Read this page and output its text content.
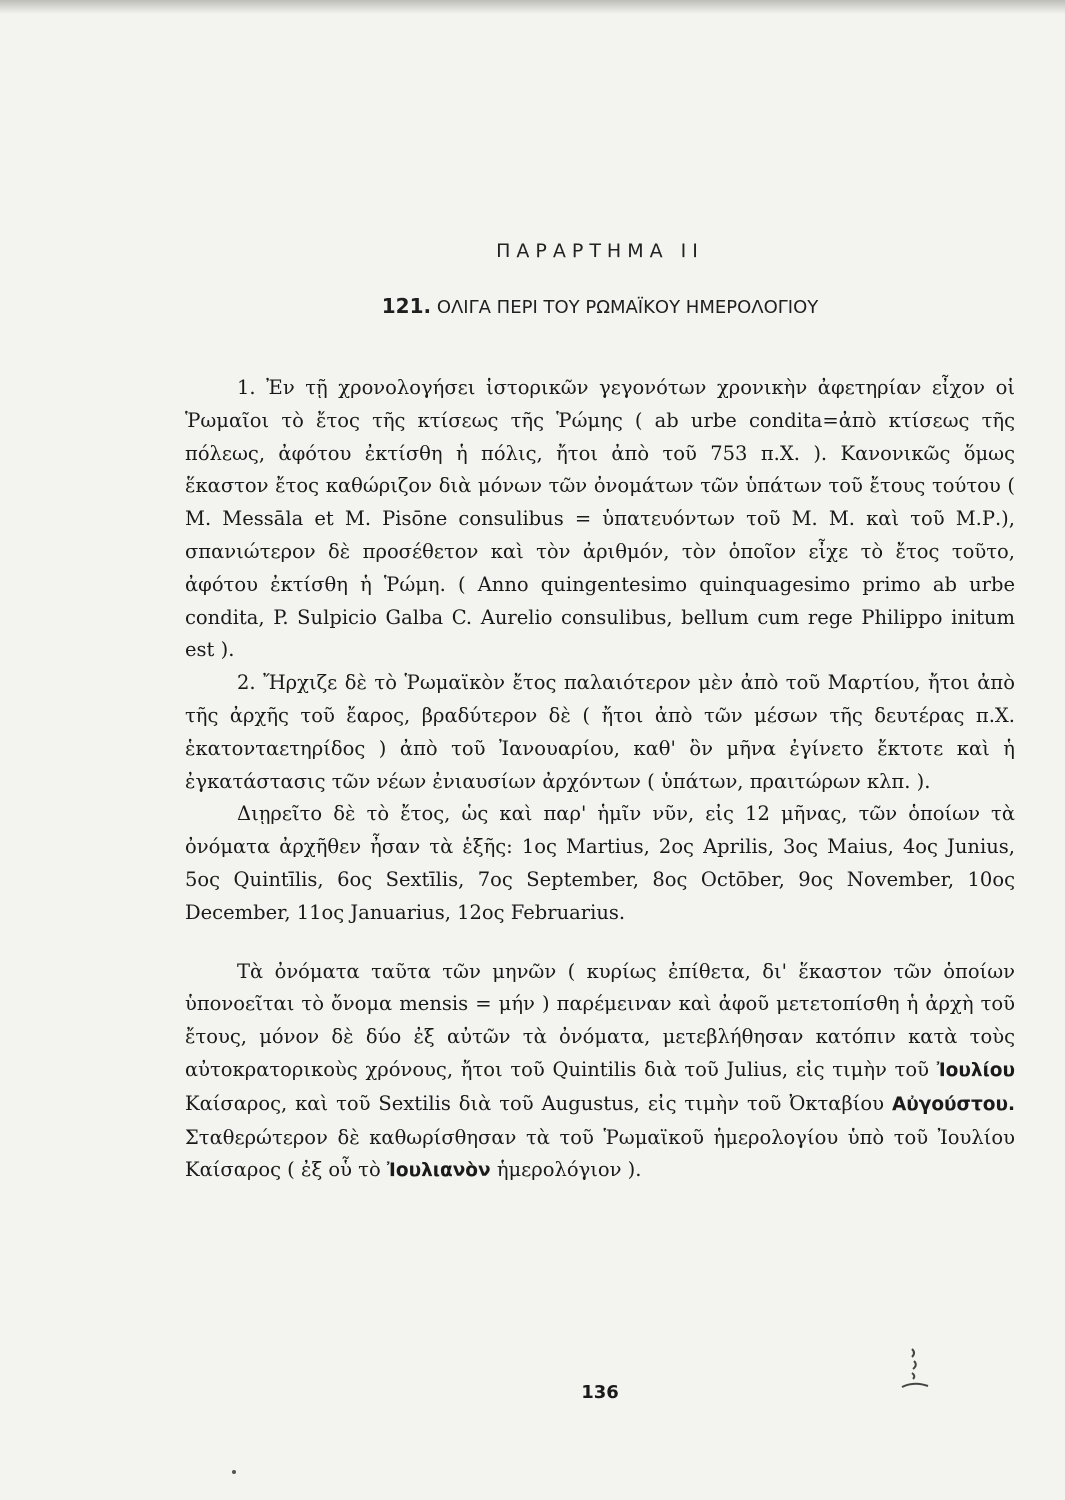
ΠΑΡΑΡΤΗΜΑ ΙΙ
121. ΟΛΙΓΑ ΠΕΡΙ ΤΟΥ ΡΩΜΑΪΚΟΥ ΗΜΕΡΟΛΟΓΙΟΥ

1. Ἐν τῇ χρονολογήσει ἱστορικῶν γεγονότων χρονικὴν ἀφετηρίαν εἶχον οἱ Ῥωμαῖοι τὸ ἔτος τῆς κτίσεως τῆς Ῥώμης ( ab urbe condita=ἀπὸ κτίσεως τῆς πόλεως, ἀφότου ἐκτίσθη ἡ πόλις, ἤτοι ἀπὸ τοῦ 753 π.Χ. ). Κανονικῶς ὅμως ἕκαστον ἔτος καθώριζον διὰ μόνων τῶν ὀνομάτων τῶν ὑπάτων τοῦ ἔτους τούτου ( M. Messāla et M. Pisōne consulibus = ὑπατευόντων τοῦ Μ. Μ. καὶ τοῦ Μ.Ρ.), σπανιώτερον δὲ προσέθετον καὶ τὸν ἀριθμόν, τὸν ὁποῖον εἶχε τὸ ἔτος τοῦτο, ἀφότου ἐκτίσθη ἡ Ῥώμη. ( Anno quingentesimo quinquagesimo primo ab urbe condita, P. Sulpicio Galba C. Aurelio consulibus, bellum cum rege Philippo initum est ).

2. Ἤρχιζε δὲ τὸ Ῥωμαϊκὸν ἔτος παλαιότερον μὲν ἀπὸ τοῦ Μαρτίου, ἤτοι ἀπὸ τῆς ἀρχῆς τοῦ ἔαρος, βραδύτερον δὲ ( ἤτοι ἀπὸ τῶν μέσων τῆς δευτέρας π.Χ. ἑκατονταετηρίδος ) ἀπὸ τοῦ Ἰανουαρίου, καθ' ὃν μῆνα ἐγίνετο ἔκτοτε καὶ ἡ ἐγκατάστασις τῶν νέων ἐνιαυσίων ἀρχόντων ( ὑπάτων, πραιτώρων κλπ. ).

Διῃρεῖτο δὲ τὸ ἔτος, ὡς καὶ παρ' ἡμῖν νῦν, εἰς 12 μῆνας, τῶν ὁποίων τὰ ὀνόματα ἀρχῆθεν ἦσαν τὰ ἑξῆς: 1ος Martius, 2ος Aprilis, 3ος Maius, 4ος Junius, 5ος Quintīlis, 6ος Sextīlis, 7ος September, 8ος Octōber, 9ος November, 10ος December, 11ος Januarius, 12ος Februarius.

Τὰ ὀνόματα ταῦτα τῶν μηνῶν ( κυρίως ἐπίθετα, δι' ἕκαστον τῶν ὁποίων ὑπονοεῖται τὸ ὄνομα mensis = μήν ) παρέμειναν καὶ ἀφοῦ μετετοπίσθη ἡ ἀρχὴ τοῦ ἔτους, μόνον δὲ δύο ἐξ αὐτῶν τὰ ὀνόματα, μετεβλήθησαν κατόπιν κατὰ τοὺς αὐτοκρατορικοὺς χρόνους, ἤτοι τοῦ Quintilis διὰ τοῦ Julius, εἰς τιμὴν τοῦ Ἰουλίου Καίσαρος, καὶ τοῦ Sextilis διὰ τοῦ Augustus, εἰς τιμὴν τοῦ Ὀκταβίου Αὐγούστου. Σταθερώτερον δὲ καθωρίσθησαν τὰ τοῦ Ῥωμαϊκοῦ ἡμερολογίου ὑπὸ τοῦ Ἰουλίου Καίσαρος ( ἐξ οὗ τὸ Ἰουλιανὸν ἡμερολόγιον ).

136
